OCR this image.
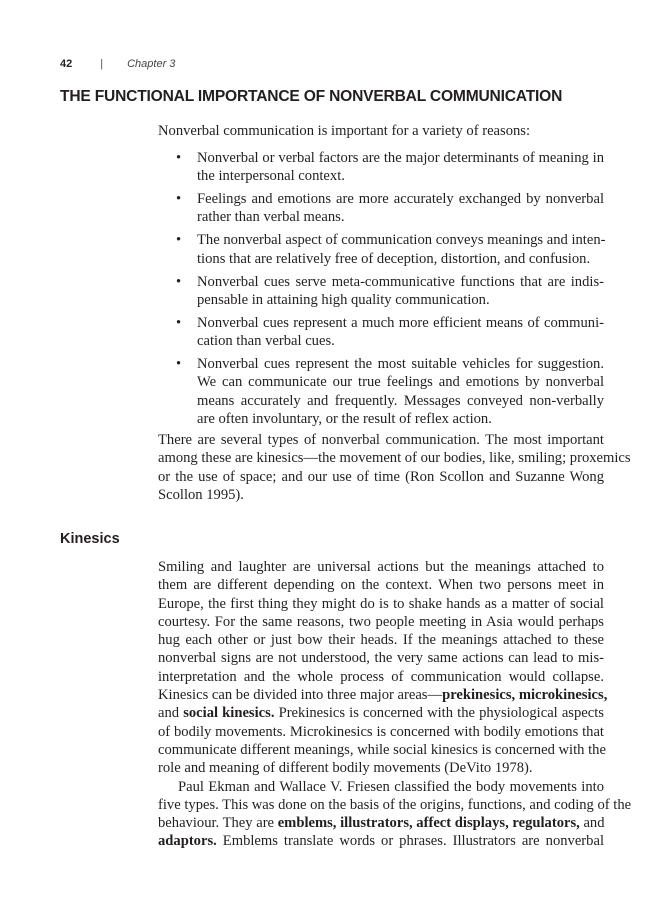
42	| Chapter 3
THE FUNCTIONAL IMPORTANCE OF NONVERBAL COMMUNICATION
Nonverbal communication is important for a variety of reasons:
• Nonverbal or verbal factors are the major determinants of meaning in
the interpersonal context.
• Feelings and emotions are more accurately exchanged by nonverbal
rather than verbal means.
• The nonverbal aspect of communication conveys meanings and inten-
tions that are relatively free of deception, distortion, and confusion.
• Nonverbal cues serve meta-communicative functions that are indis-
pensable in attaining high quality communication.
• Nonverbal cues represent a much more efficient means of communi-
cation than verbal cues.
• Nonverbal cues represent the most suitable vehicles for suggestion.
We can communicate our true feelings and emotions by nonverbal
means accurately and frequently. Messages conveyed non-verbally
are often involuntary, or the result of reflex action.
There are several types of nonverbal communication. The most important
among these are kinesics—the movement of our bodies, like, smiling; proxemics
or the use of space; and our use of time (Ron Scollon and Suzanne Wong
Scollon 1995).
Kinesics
Smiling and laughter are universal actions but the meanings attached to
them are different depending on the context. When two persons meet in
Europe, the first thing they might do is to shake hands as a matter of social
courtesy. For the same reasons, two people meeting in Asia would perhaps
hug each other or just bow their heads. If the meanings attached to these
nonverbal signs are not understood, the very same actions can lead to mis-
interpretation and the whole process of communication would collapse.
Kinesics can be divided into three major areas—prekinesics, microkinesics,
and social kinesics. Prekinesics is concerned with the physiological aspects
of bodily movements. Microkinesics is concerned with bodily emotions that
communicate different meanings, while social kinesics is concerned with the
role and meaning of different bodily movements (DeVito 1978).
Paul Ekman and Wallace V. Friesen classified the body movements into
five types. This was done on the basis of the origins, functions, and coding of the
behaviour. They are emblems, illustrators, affect displays, regulators, and
adaptors. Emblems translate words or phrases. Illustrators are nonverbal
